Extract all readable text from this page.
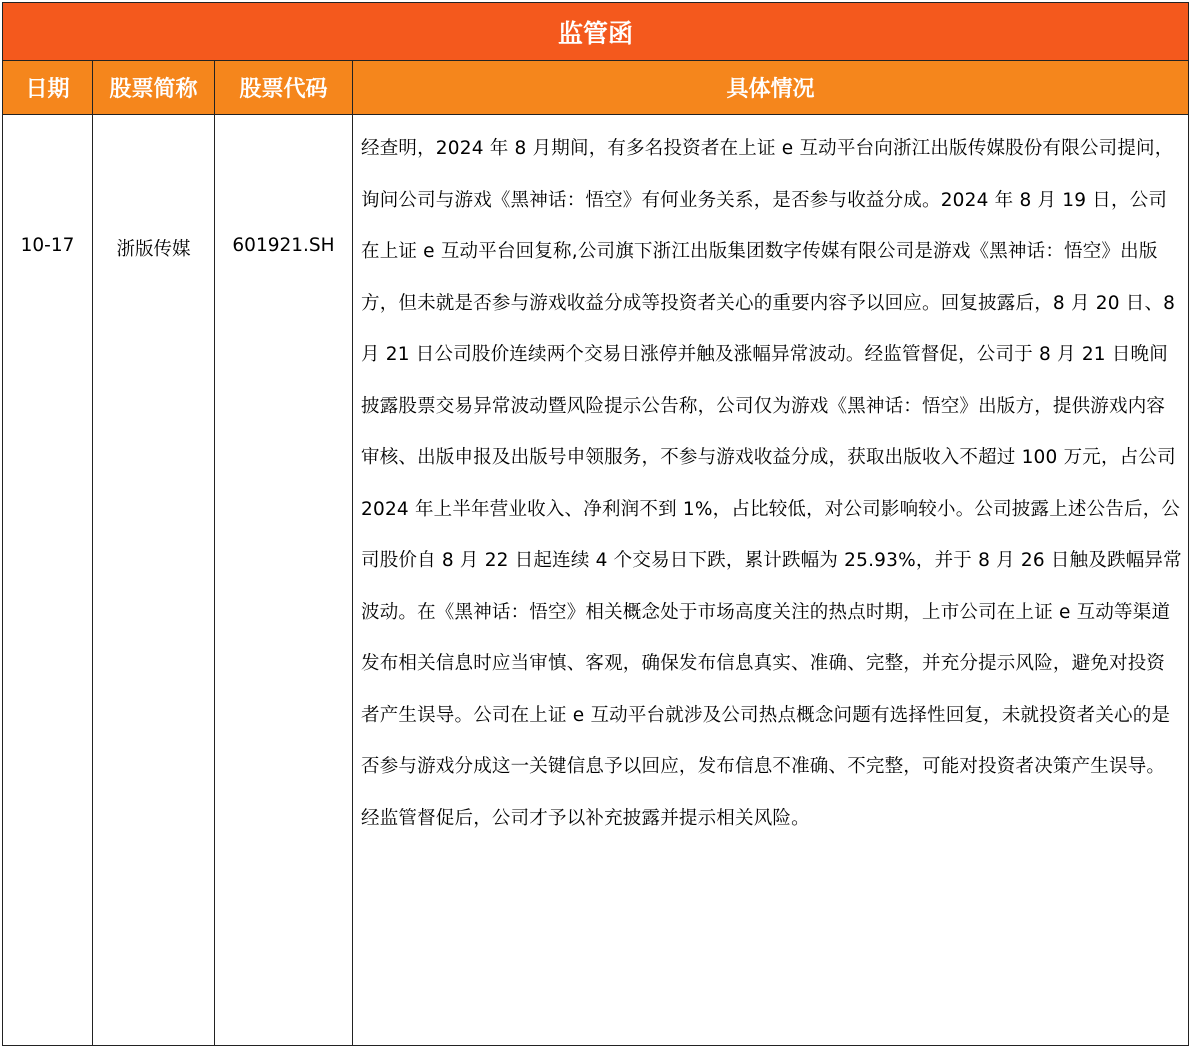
监管函			
日期	股票简称	股票代码	具体情况
10-17	浙版传媒	601921.SH	经查明，2024 年 8 月期间，有多名投资者在上证 e 互动平台向浙江出版传媒股份有限公司提问，询问公司与游戏《黑神话：悟空》有何业务关系，是否参与收益分成。2024 年 8 月 19 日，公司在上证 e 互动平台回复称,公司旗下浙江出版集团数字传媒有限公司是游戏《黑神话：悟空》出版方，但未就是否参与游戏收益分成等投资者关心的重要内容予以回应。回复披露后，8 月 20 日、8 月 21 日公司股价连续两个交易日涨停并触及涨幅异常波动。经监管督促，公司于 8 月 21 日晚间披露股票交易异常波动暨风险提示公告称，公司仅为游戏《黑神话：悟空》出版方，提供游戏内容审核、出版申报及出版号申领服务，不参与游戏收益分成，获取出版收入不超过 100 万元，占公司 2024 年上半年营业收入、净利润不到 1%，占比较低，对公司影响较小。公司披露上述公告后，公司股价自 8 月 22 日起连续 4 个交易日下跌，累计跌幅为 25.93%，并于 8 月 26 日触及跌幅异常波动。在《黑神话：悟空》相关概念处于市场高度关注的热点时期，上市公司在上证 e 互动等渠道发布相关信息时应当审慎、客观，确保发布信息真实、准确、完整，并充分提示风险，避免对投资者产生误导。公司在上证 e 互动平台就涉及公司热点概念问题有选择性回复，未就投资者关心的是否参与游戏分成这一关键信息予以回应，发布信息不准确、不完整，可能对投资者决策产生误导。经监管督促后，公司才予以补充披露并提示相关风险。
